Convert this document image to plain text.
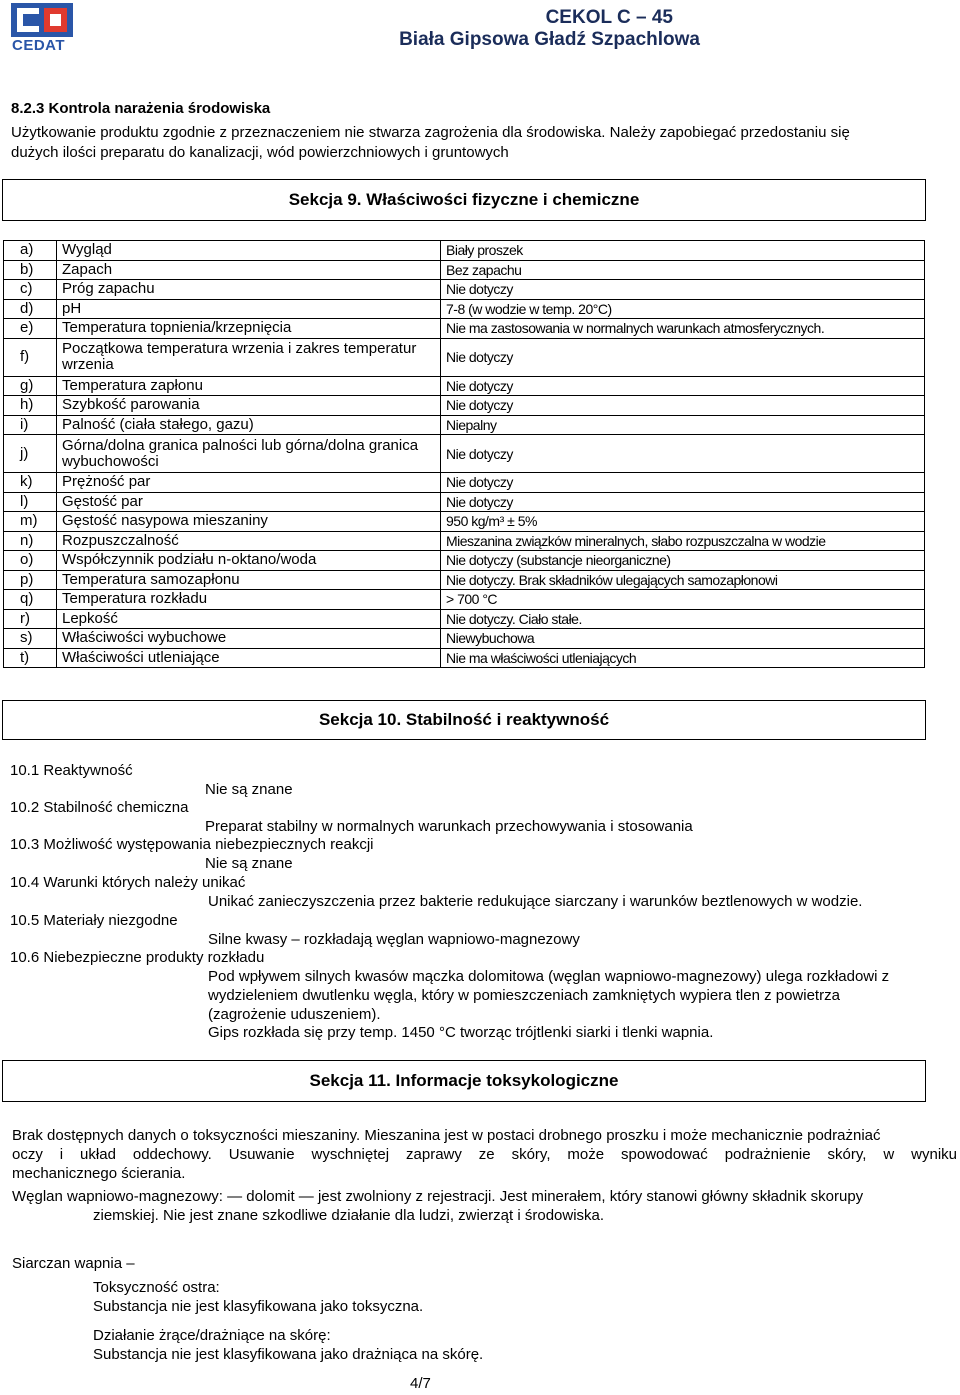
CEDAT
CEKOL C – 45
Biała Gipsowa Gładź Szpachlowa
8.2.3 Kontrola narażenia środowiska
Użytkowanie produktu zgodnie z przeznaczeniem nie stwarza zagrożenia dla środowiska. Należy zapobiegać przedostaniu się
dużych ilości preparatu do kanalizacji, wód powierzchniowych i gruntowych
Sekcja 9. Właściwości fizyczne i chemiczne
a)	Wygląd	Biały proszek
b)	Zapach	Bez zapachu
c)	Próg zapachu	Nie dotyczy
d)	pH	7-8 (w wodzie w temp. 20°C)
e)	Temperatura topnienia/krzepnięcia	Nie ma zastosowania w normalnych warunkach atmosferycznych.
f)	Początkowa temperatura wrzenia i zakres temperatur wrzenia	Nie dotyczy
g)	Temperatura zapłonu	Nie dotyczy
h)	Szybkość parowania	Nie dotyczy
i)	Palność (ciała stałego, gazu)	Niepalny
j)	Górna/dolna granica palności lub górna/dolna granica wybuchowości	Nie dotyczy
k)	Prężność par	Nie dotyczy
l)	Gęstość par	Nie dotyczy
m)	Gęstość nasypowa mieszaniny	950 kg/m³ ± 5%
n)	Rozpuszczalność	Mieszanina związków mineralnych, słabo rozpuszczalna w wodzie
o)	Współczynnik podziału n-oktano/woda	Nie dotyczy (substancje nieorganiczne)
p)	Temperatura samozapłonu	Nie dotyczy. Brak składników ulegających samozapłonowi
q)	Temperatura rozkładu	> 700 °C
r)	Lepkość	Nie dotyczy. Ciało stałe.
s)	Właściwości wybuchowe	Niewybuchowa
t)	Właściwości utleniające	Nie ma właściwości utleniających
Sekcja 10. Stabilność i reaktywność
10.1 Reaktywność
Nie są znane
10.2 Stabilność chemiczna
Preparat stabilny w normalnych warunkach przechowywania i stosowania
10.3 Możliwość występowania niebezpiecznych reakcji
Nie są znane
10.4 Warunki których należy unikać
Unikać zanieczyszczenia przez bakterie redukujące siarczany i warunków beztlenowych w wodzie.
10.5 Materiały niezgodne
Silne kwasy – rozkładają węglan wapniowo-magnezowy
10.6 Niebezpieczne produkty rozkładu
Pod wpływem silnych kwasów mączka dolomitowa (węglan wapniowo-magnezowy) ulega rozkładowi z
wydzieleniem dwutlenku węgla, który w pomieszczeniach zamkniętych wypiera tlen z powietrza
(zagrożenie uduszeniem).
Gips rozkłada się przy temp. 1450 °C tworząc trójtlenki siarki i tlenki wapnia.
Sekcja 11. Informacje toksykologiczne
Brak dostępnych danych o toksyczności mieszaniny. Mieszanina jest w postaci drobnego proszku i może mechanicznie podrażniać
oczy i układ oddechowy. Usuwanie wyschniętej zaprawy ze skóry, może spowodować podrażnienie skóry, w wyniku
mechanicznego ścierania.
Węglan wapniowo-magnezowy: — dolomit — jest zwolniony z rejestracji. Jest minerałem, który stanowi główny składnik skorupy
ziemskiej. Nie jest znane szkodliwe działanie dla ludzi, zwierząt i środowiska.
Siarczan wapnia –
Toksyczność ostra:
Substancja nie jest klasyfikowana jako toksyczna.
Działanie żrące/drażniące na skórę:
Substancja nie jest klasyfikowana jako drażniąca na skórę.
4/7
